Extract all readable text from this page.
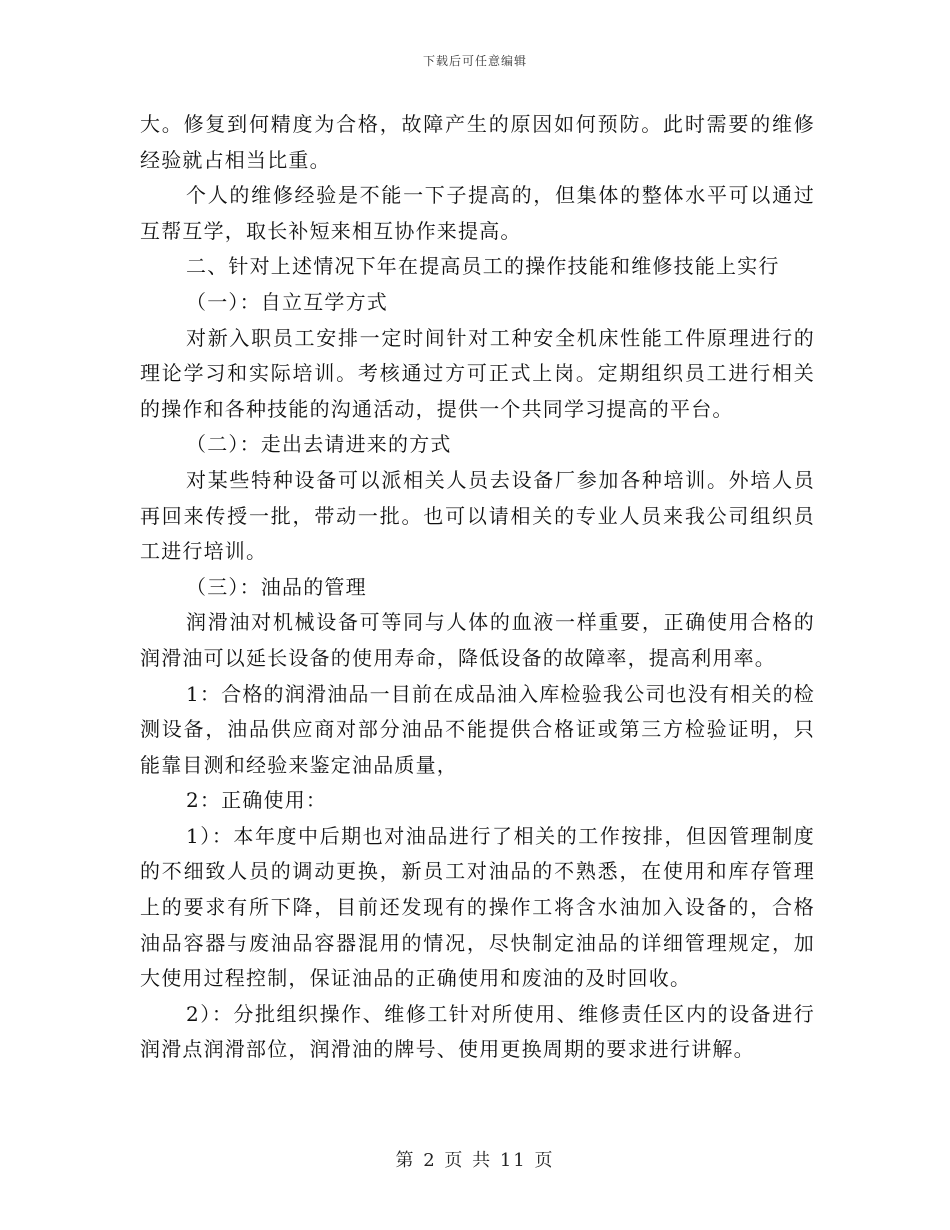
下载后可任意编辑

大。修复到何精度为合格，故障产生的原因如何预防。此时需要的维修经验就占相当比重。

个人的维修经验是不能一下子提高的，但集体的整体水平可以通过互帮互学，取长补短来相互协作来提高。

二、针对上述情况下年在提高员工的操作技能和维修技能上实行

（一）：自立互学方式

对新入职员工安排一定时间针对工种安全机床性能工件原理进行的理论学习和实际培训。考核通过方可正式上岗。定期组织员工进行相关的操作和各种技能的沟通活动，提供一个共同学习提高的平台。

（二）：走出去请进来的方式

对某些特种设备可以派相关人员去设备厂参加各种培训。外培人员再回来传授一批，带动一批。也可以请相关的专业人员来我公司组织员工进行培训。

（三）：油品的管理

润滑油对机械设备可等同与人体的血液一样重要，正确使用合格的润滑油可以延长设备的使用寿命，降低设备的故障率，提高利用率。

1：合格的润滑油品一目前在成品油入库检验我公司也没有相关的检测设备，油品供应商对部分油品不能提供合格证或第三方检验证明，只能靠目测和经验来鉴定油品质量，

2：正确使用：

1）：本年度中后期也对油品进行了相关的工作按排，但因管理制度的不细致人员的调动更换，新员工对油品的不熟悉，在使用和库存管理上的要求有所下降，目前还发现有的操作工将含水油加入设备的，合格油品容器与废油品容器混用的情况，尽快制定油品的详细管理规定，加大使用过程控制，保证油品的正确使用和废油的及时回收。

2）：分批组织操作、维修工针对所使用、维修责任区内的设备进行润滑点润滑部位，润滑油的牌号、使用更换周期的要求进行讲解。

第 2 页 共 11 页
